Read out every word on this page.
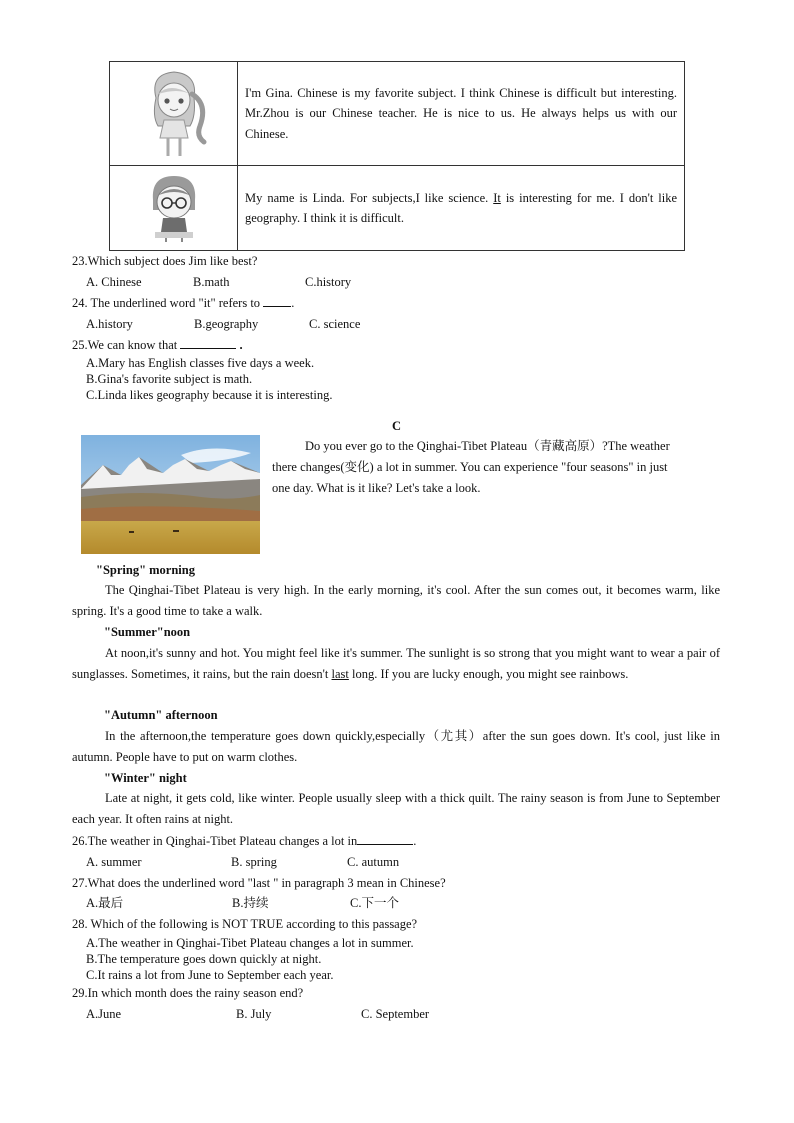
	I'm Gina. Chinese is my favorite subject. I think Chinese is difficult but interesting. Mr.Zhou is our Chinese teacher. He is nice to us. He always helps us with our Chinese.
	My name is Linda. For subjects,I like science. It is interesting for me. I don't like geography. I think it is difficult.
23.Which subject does Jim like best?
A. Chinese	B.math	C.history
24. The underlined word "it" refers to .
A.history	B.geography	C. science
25.We can know that	.
A.Mary has English classes five days a week.
B.Gina's favorite subject is math.
C.Linda likes geography because it is interesting.
C
Do you ever go to the Qinghai-Tibet Plateau（青藏高原）?The weather
there changes(变化) a lot in summer. You can experience "four seasons" in just
one day. What is it like? Let's take a look.
"Spring" morning
The Qinghai-Tibet Plateau is very high. In the early morning, it's cool. After the sun comes out, it becomes warm, like spring. It's a good time to take a walk.
"Summer"noon
At noon,it's sunny and hot. You might feel like it's summer. The sunlight is so strong that you might want to wear a pair of sunglasses. Sometimes, it rains, but the rain doesn't last long. If you are lucky enough, you might see rainbows.
"Autumn" afternoon
In the afternoon,the temperature goes down quickly,especially（尤其）after the sun goes down. It's cool, just like in autumn. People have to put on warm clothes.
"Winter" night
Late at night, it gets cold, like winter. People usually sleep with a thick quilt. The rainy season is from June to September each year. It often rains at night.
26.The weather in Qinghai-Tibet Plateau changes a lot in	.
A. summer	B. spring	C. autumn
27.What does the underlined word "last " in paragraph 3 mean in Chinese?
A.最后	B.持续	C.下一个
28. Which of the following is NOT TRUE according to this passage?
A.The weather in Qinghai-Tibet Plateau changes a lot in summer.
B.The temperature goes down quickly at night.
C.It rains a lot from June to September each year.
29.In which month does the rainy season end?
A.June	B. July	C. September
